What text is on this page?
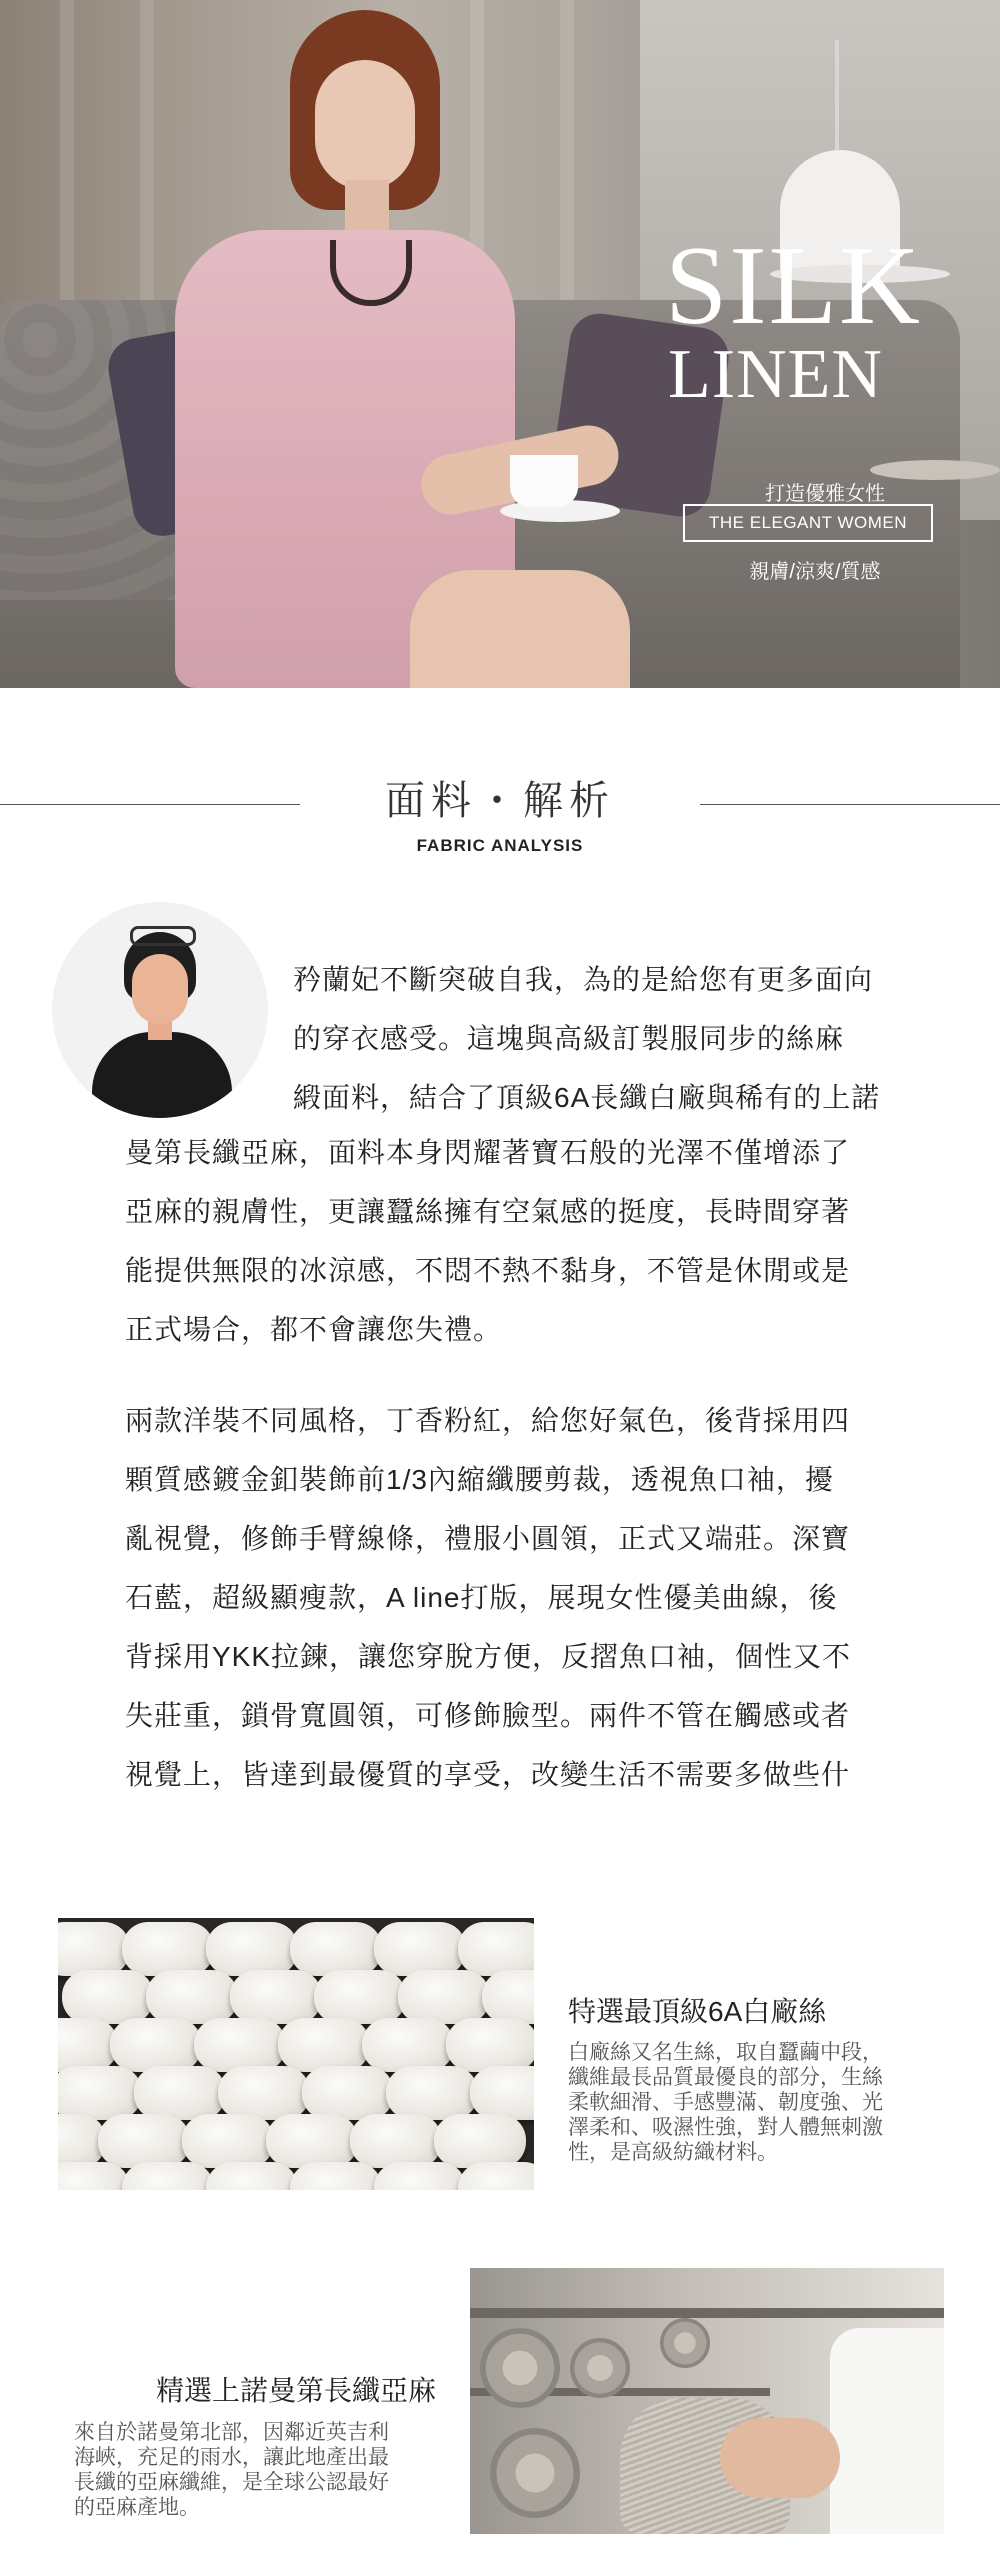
SILK
LINEN
打造優雅女性
THE ELEGANT WOMEN
親膚/涼爽/質感
面料・解析
FABRIC ANALYSIS
矜蘭妃不斷突破自我，為的是給您有更多面向
的穿衣感受。這塊與高級訂製服同步的絲麻
緞面料，結合了頂級6A長纖白廠與稀有的上諾
曼第長纖亞麻，面料本身閃耀著寶石般的光澤不僅增添了
亞麻的親膚性，更讓蠶絲擁有空氣感的挺度，長時間穿著
能提供無限的冰涼感，不悶不熱不黏身，不管是休閒或是
正式場合，都不會讓您失禮。
兩款洋裝不同風格，丁香粉紅，給您好氣色，後背採用四
顆質感鍍金釦裝飾前1/3內縮纖腰剪裁，透視魚口袖，擾
亂視覺，修飾手臂線條，禮服小圓領，正式又端莊。深寶
石藍，超級顯瘦款，A line打版，展現女性優美曲線，後
背採用YKK拉鍊，讓您穿脫方便，反摺魚口袖，個性又不
失莊重，鎖骨寬圓領，可修飾臉型。兩件不管在觸感或者
視覺上，皆達到最優質的享受，改變生活不需要多做些什
特選最頂級6A白廠絲
白廠絲又名生絲，取自蠶繭中段，
纖維最長品質最優良的部分，生絲
柔軟細滑、手感豐滿、韌度強、光
澤柔和、吸濕性強，對人體無刺激
性，是高級紡織材料。
精選上諾曼第長纖亞麻
來自於諾曼第北部，因鄰近英吉利
海峽，充足的雨水，讓此地產出最
長纖的亞麻纖維，是全球公認最好
的亞麻產地。
